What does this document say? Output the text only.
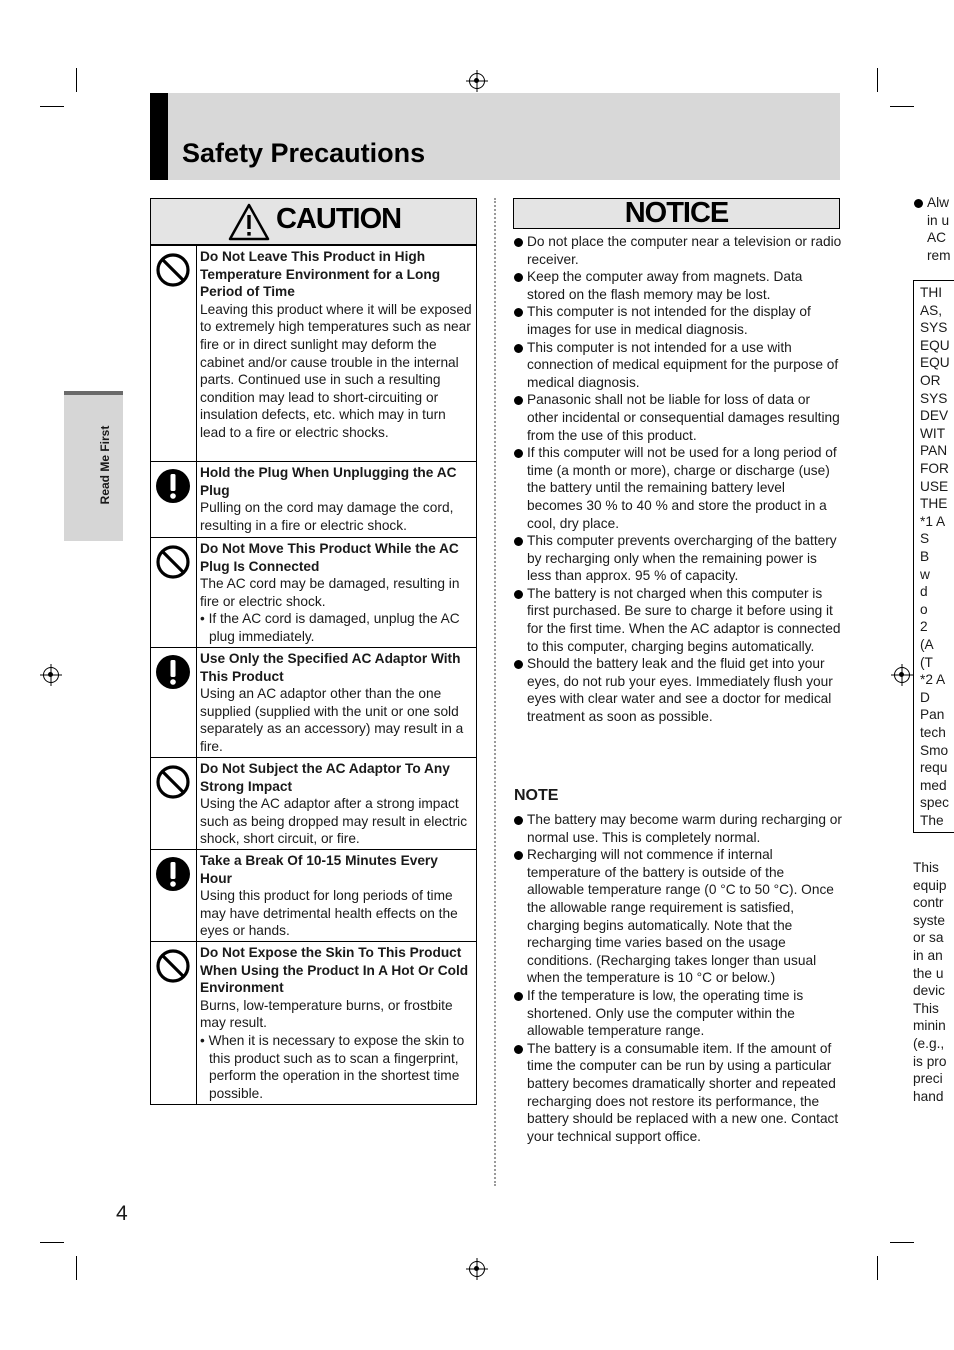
Safety Precautions
Read Me First
CAUTION
Do Not Leave This Product in High Temperature Environment for a Long Period of Time
Leaving this product where it will be exposed to extremely high temperatures such as near fire or in direct sunlight may deform the cabinet and/or cause trouble in the internal parts. Continued use in such a resulting condition may lead to short-circuiting or insulation defects, etc. which may in turn lead to a fire or electric shocks.
Hold the Plug When Unplugging the AC Plug
Pulling on the cord may damage the cord, resulting in a fire or electric shock.
Do Not Move This Product While the AC Plug Is Connected
The AC cord may be damaged, resulting in fire or electric shock.
• If the AC cord is damaged, unplug the AC plug immediately.
Use Only the Specified AC Adaptor With This Product
Using an AC adaptor other than the one supplied (supplied with the unit or one sold separately as an accessory) may result in a fire.
Do Not Subject the AC Adaptor To Any Strong Impact
Using the AC adaptor after a strong impact such as being dropped may result in electric shock, short circuit, or fire.
Take a Break Of 10-15 Minutes Every Hour
Using this product for long periods of time may have detrimental health effects on the eyes or hands.
Do Not Expose the Skin To This Product When Using the Product In A Hot Or Cold Environment
Burns, low-temperature burns, or frostbite may result.
• When it is necessary to expose the skin to this product such as to scan a fingerprint, perform the operation in the shortest time possible.
NOTICE
Do not place the computer near a television or radio receiver.
Keep the computer away from magnets. Data stored on the flash memory may be lost.
This computer is not intended for the display of images for use in medical diagnosis.
This computer is not intended for a use with connection of medical equipment for the purpose of medical diagnosis.
Panasonic shall not be liable for loss of data or other incidental or consequential damages resulting from the use of this product.
If this computer will not be used for a long period of time (a month or more), charge or discharge (use) the battery until the remaining battery level becomes 30 % to 40 % and store the product in a cool, dry place.
This computer prevents overcharging of the battery by recharging only when the remaining power is less than approx. 95 % of capacity.
The battery is not charged when this computer is first purchased. Be sure to charge it before using it for the first time. When the AC adaptor is connected to this computer, charging begins automatically.
Should the battery leak and the fluid get into your eyes, do not rub your eyes. Immediately flush your eyes with clear water and see a doctor for medical treatment as soon as possible.
NOTE
The battery may become warm during recharging or normal use. This is completely normal.
Recharging will not commence if internal temperature of the battery is outside of the allowable temperature range (0 °C to 50 °C). Once the allowable range requirement is satisfied, charging begins automatically. Note that the recharging time varies based on the usage conditions. (Recharging takes longer than usual when the temperature is 10 °C or below.)
If the temperature is low, the operating time is shortened. Only use the computer within the allowable temperature range.
The battery is a consumable item. If the amount of time the computer can be run by using a particular battery becomes dramatically shorter and repeated recharging does not restore its performance, the battery should be replaced with a new one. Contact your technical support office.
Alw
in u
AC
rem
THI
AS,
SYS
EQU
EQU
OR
SYS
DEV
WIT
PAN
FOR
USE
THE
*1 A
S
B
w
d
o
2
(A
(T
*2 A
D
Pan
tech
Smo
requ
med
spec
The
This
equip
contr
syste
or sa
in an
the u
devic
This
minin
(e.g.,
is pro
preci
hand
4
